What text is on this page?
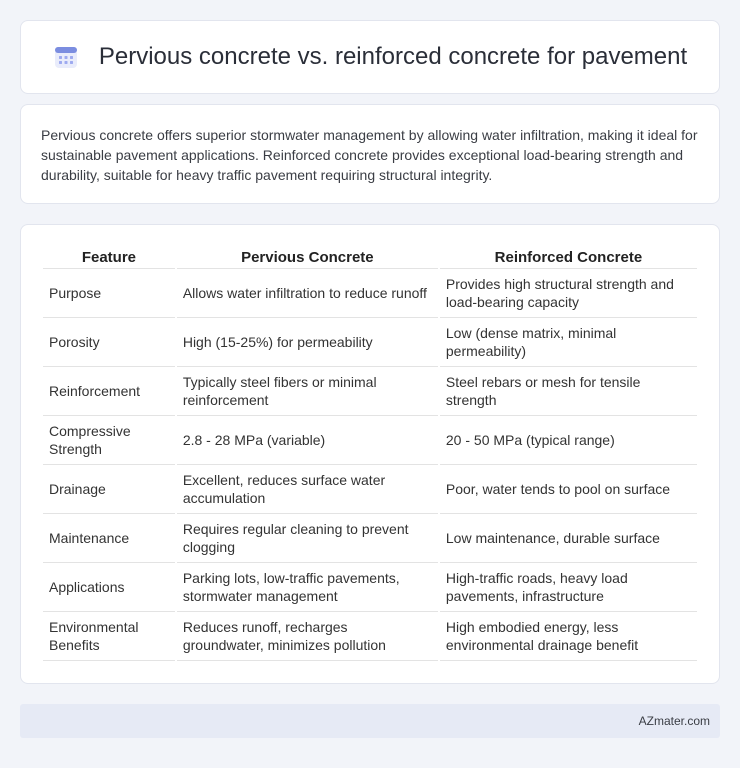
Pervious concrete vs. reinforced concrete for pavement

Pervious concrete offers superior stormwater management by allowing water infiltration, making it ideal for sustainable pavement applications. Reinforced concrete provides exceptional load-bearing strength and durability, suitable for heavy traffic pavement requiring structural integrity.

Feature	Pervious Concrete	Reinforced Concrete
Purpose	Allows water infiltration to reduce runoff	Provides high structural strength and load-bearing capacity
Porosity	High (15-25%) for permeability	Low (dense matrix, minimal permeability)
Reinforcement	Typically steel fibers or minimal reinforcement	Steel rebars or mesh for tensile strength
Compressive Strength	2.8 - 28 MPa (variable)	20 - 50 MPa (typical range)
Drainage	Excellent, reduces surface water accumulation	Poor, water tends to pool on surface
Maintenance	Requires regular cleaning to prevent clogging	Low maintenance, durable surface
Applications	Parking lots, low-traffic pavements, stormwater management	High-traffic roads, heavy load pavements, infrastructure
Environmental Benefits	Reduces runoff, recharges groundwater, minimizes pollution	High embodied energy, less environmental drainage benefit
AZmater.com
